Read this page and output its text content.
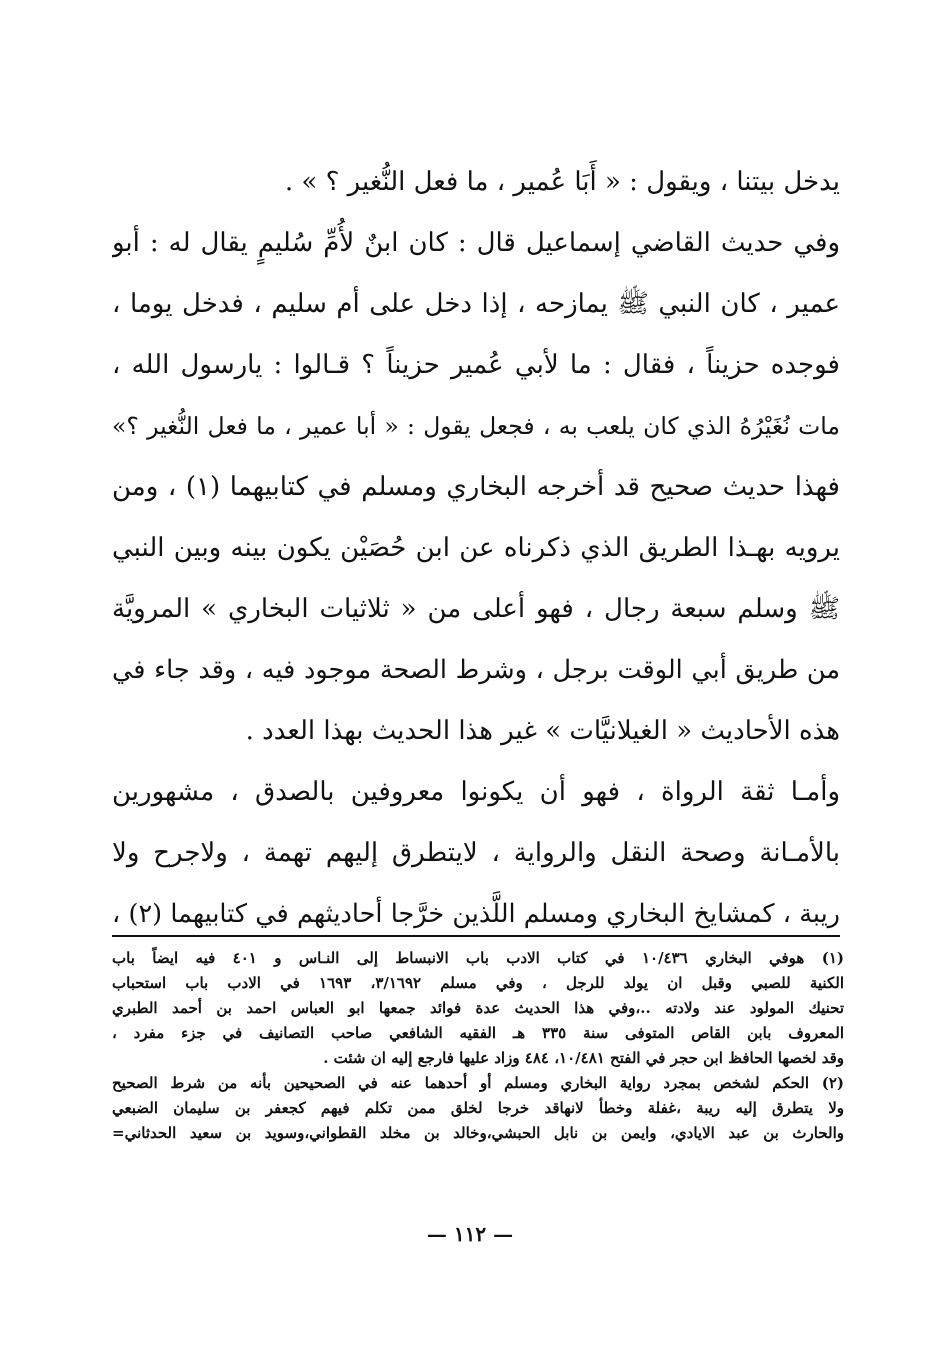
ِيدخل بيتنا ، ويقول : « أَبَا عُمير ، ما فعل النُّغير ؟ » .
وفي حديث القاضي إسماعيل قال : كان ابنٌ لأُمِّ سُليمٍ يقال له : أبو
عمير ، كان النبي ﷺ يمازحه ، إذا دخل على أم سليم ، فدخل يوما ،
فوجده حزيناً ، فقال : ما لأبي عُمير حزيناً ؟ قـالوا : يارسول الله ،
مات نُغَيْرُهُ الذي كان يلعب به ، فجعل يقول : « أبا عمير ، ما فعل النُّغير ؟»
فهذا حديث صحيح قد أخرجه البخاري ومسلم في كتابيهما (١) ، ومن
يرويه بهـذا الطريق الذي ذكرناه عن ابن حُصَيْن يكون بينه وبين النبي
ﷺ وسلم سبعة رجال ، فهو أعلى من « ثلاثيات البخاري » المرويَّة
من طريق أبي الوقت برجل ، وشرط الصحة موجود فيه ، وقد جاء في
هذه الأحاديث « الغيلانيَّات » غير هذا الحديث بهذا العدد .
وأمـا ثقة الرواة ، فهو أن يكونوا معروفين بالصدق ، مشهورين
بالأمـانة وصحة النقل والرواية ، لايتطرق إليهم تهمة ، ولاجرح ولا
ريبة ، كمشايخ البخاري ومسلم اللَّذين خرَّجا أحاديثهم في كتابيهما (٢) ،
(١) هوفي البخاري ١٠/٤٣٦ في كتاب الادب باب الانبساط إلى النـاس و ٤٠١ فيه ايضاً باب
الكنية للصبي وقبل ان يولد للرجل ، وفي مسلم ٣/١٦٩٢، ١٦٩٣ في الادب باب استحباب
تحنيك المولود عند ولادته ..،وفي هذا الحديث عدة فوائد جمعها ابو العباس احمد بن أحمد الطبري
المعروف بابن القاص المتوفى سنة ٣٣٥ هـ الفقيه الشافعي صاحب التصانيف في جزء مفرد ،
وقد لخصها الحافظ ابن حجر في الفتح ١٠/٤٨١، ٤٨٤ وزاد عليها فارجع إليه ان شئت .
(٢) الحكم لشخص بمجرد رواية البخاري ومسلم أو أحدهما عنه في الصحيحين بأنه من شرط الصحيح
ولا يتطرق إليه ريبة ،غفلة وخطأ لانهاقد خرجا لخلق ممن تكلم فيهم كجعفر بن سليمان الضبعي
والحارث بن عبد الايادي، وايمن بن نابل الحبشي،وخالد بن مخلد القطواني،وسويد بن سعيد الحدثاني=
— ١١٢ —
